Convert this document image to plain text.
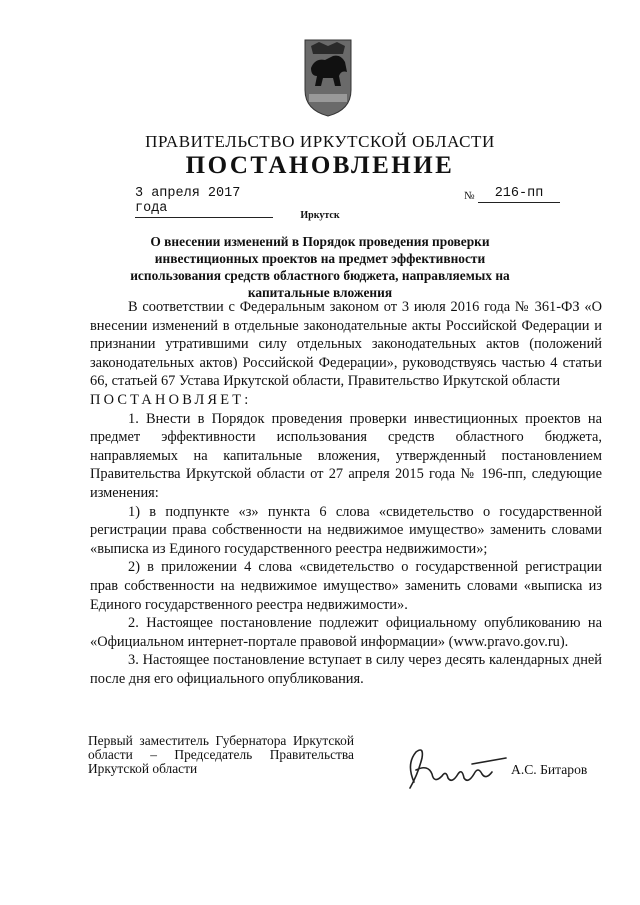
ПРАВИТЕЛЬСТВО ИРКУТСКОЙ ОБЛАСТИ
ПОСТАНОВЛЕНИЕ
3 апреля 2017 года
№	216-пп
Иркутск
О внесении изменений в Порядок проведения проверки инвестиционных проектов на предмет эффективности использования средств областного бюджета, направляемых на капитальные вложения

В соответствии с Федеральным законом от 3 июля 2016 года № 361-ФЗ «О внесении изменений в отдельные законодательные акты Российской Федерации и признании утратившими силу отдельных законодательных актов (положений законодательных актов) Российской Федерации», руководствуясь частью 4 статьи 66, статьей 67 Устава Иркутской области, Правительство Иркутской области

ПОСТАНОВЛЯЕТ:

1. Внести в Порядок проведения проверки инвестиционных проектов на предмет эффективности использования средств областного бюджета, направляемых на капитальные вложения, утвержденный постановлением Правительства Иркутской области от 27 апреля 2015 года № 196-пп, следующие изменения:

1) в подпункте «з» пункта 6 слова «свидетельство о государственной регистрации права собственности на недвижимое имущество» заменить словами «выписка из Единого государственного реестра недвижимости»;

2) в приложении 4 слова «свидетельство о государственной регистрации прав собственности на недвижимое имущество» заменить словами «выписка из Единого государственного реестра недвижимости».

2. Настоящее постановление подлежит официальному опубликованию на «Официальном интернет-портале правовой информации» (www.pravo.gov.ru).

3. Настоящее постановление вступает в силу через десять календарных дней после дня его официального опубликования.

Первый заместитель Губернатора Иркутской области – Председатель Правительства Иркутской области	А.С. Битаров
